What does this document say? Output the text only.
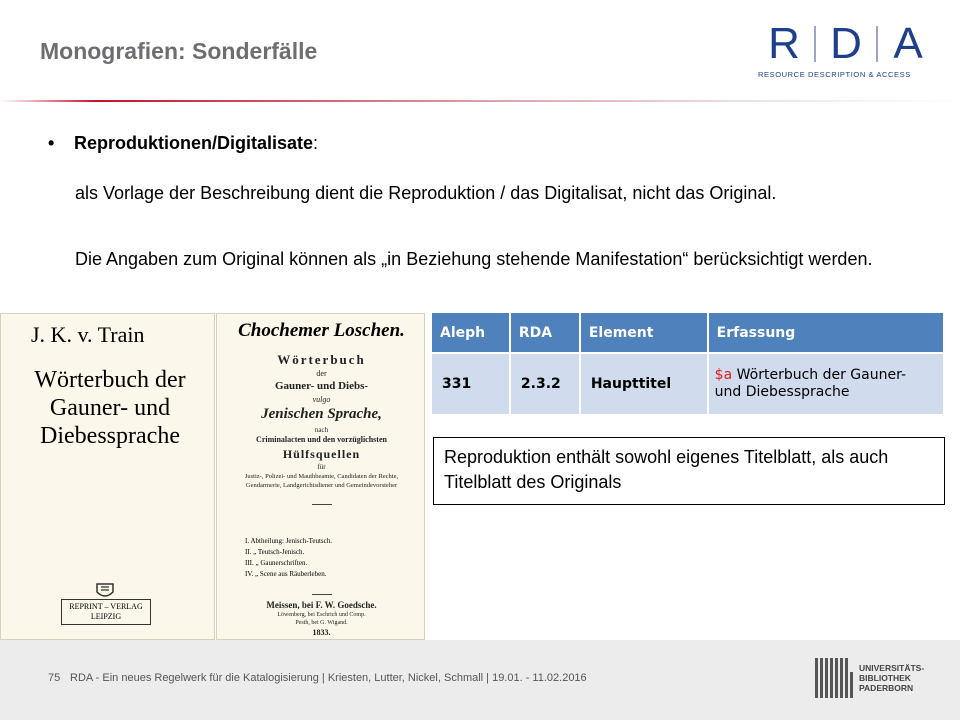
Monografien: Sonderfälle	R D A
RESOURCE DESCRIPTION & ACCESS
•	Reproduktionen/Digitalisate :
als Vorlage der Beschreibung dient die Reproduktion / das Digitalisat, nicht das Original.
Die Angaben zum Original können als „in Beziehung stehende Manifestation“ berücksichtigt werden.
J. K. v. Train
Wörterbuch der Gauner- und Diebessprache
REPRINT – VERLAG
LEIPZIG
Chochemer Loschen.
Wörterbuch
der
Gauner- und Diebs-
vulgo
Jenischen Sprache,
nach
Criminalacten und den vorzüglichsten
Hülfsquellen
für
Justiz-, Polizei- und Mauthbeamte, Candidaten der Rechte,
Gendarmerie, Landgerichtsdiener und Gemeindevorsteher
I. Abtheilung: Jenisch-Teutsch.
II. „ Teutsch-Jenisch.
III. „ Gaunerschriften.
IV. „ Scene aus Räuberleben.
Meissen, bei F. W. Goedsche.
Löwenberg, bei Eschrich und Comp.
Pesth, bei G. Wigand.
1833.
Aleph	RDA	Element	Erfassung
331	2.3.2	Haupttitel	$a Wörterbuch der Gauner- und Diebessprache
Reproduktion enthält sowohl eigenes Titelblatt, als auch Titelblatt des Originals
75 RDA - Ein neues Regelwerk für die Katalogisierung | Kriesten, Lutter, Nickel, Schmall | 19.01. - 11.02.2016
UNIVERSITÄTS-
BIBLIOTHEK
PADERBORN
